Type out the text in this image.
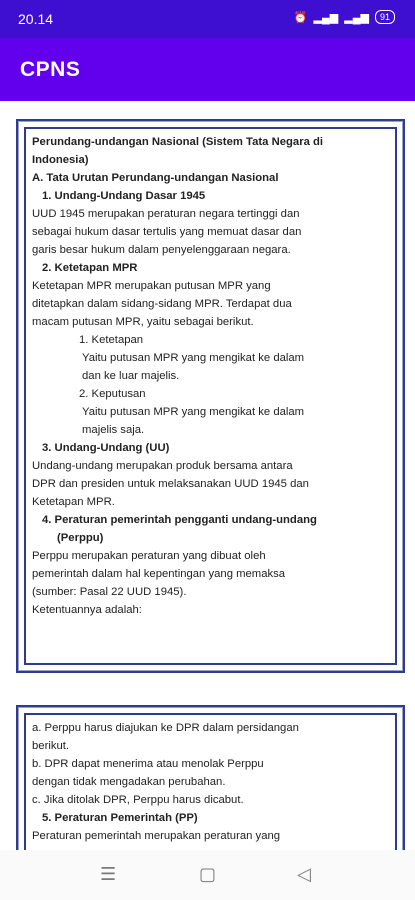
20.14	⏰ ▂▄▆ ▂▄▆	91
CPNS

Perundang-undangan Nasional (Sistem Tata Negara di

Indonesia)

A. Tata Urutan Perundang-undangan Nasional

1. Undang-Undang Dasar 1945

UUD 1945 merupakan peraturan negara tertinggi dan

sebagai hukum dasar tertulis yang memuat dasar dan

garis besar hukum dalam penyelenggaraan negara.

2. Ketetapan MPR

Ketetapan MPR merupakan putusan MPR yang

ditetapkan dalam sidang-sidang MPR. Terdapat dua

macam putusan MPR, yaitu sebagai berikut.

1. Ketetapan

Yaitu putusan MPR yang mengikat ke dalam

dan ke luar majelis.

2. Keputusan

Yaitu putusan MPR yang mengikat ke dalam

majelis saja.

3. Undang-Undang (UU)

Undang-undang merupakan produk bersama antara

DPR dan presiden untuk melaksanakan UUD 1945 dan

Ketetapan MPR.

4. Peraturan pemerintah pengganti undang-undang

(Perppu)

Perppu merupakan peraturan yang dibuat oleh

pemerintah dalam hal kepentingan yang memaksa

(sumber: Pasal 22 UUD 1945).

Ketentuannya adalah:

a. Perppu harus diajukan ke DPR dalam persidangan

berikut.

b. DPR dapat menerima atau menolak Perppu

dengan tidak mengadakan perubahan.

c. Jika ditolak DPR, Perppu harus dicabut.

5. Peraturan Pemerintah (PP)

Peraturan pemerintah merupakan peraturan yang

☰	▢	◁
